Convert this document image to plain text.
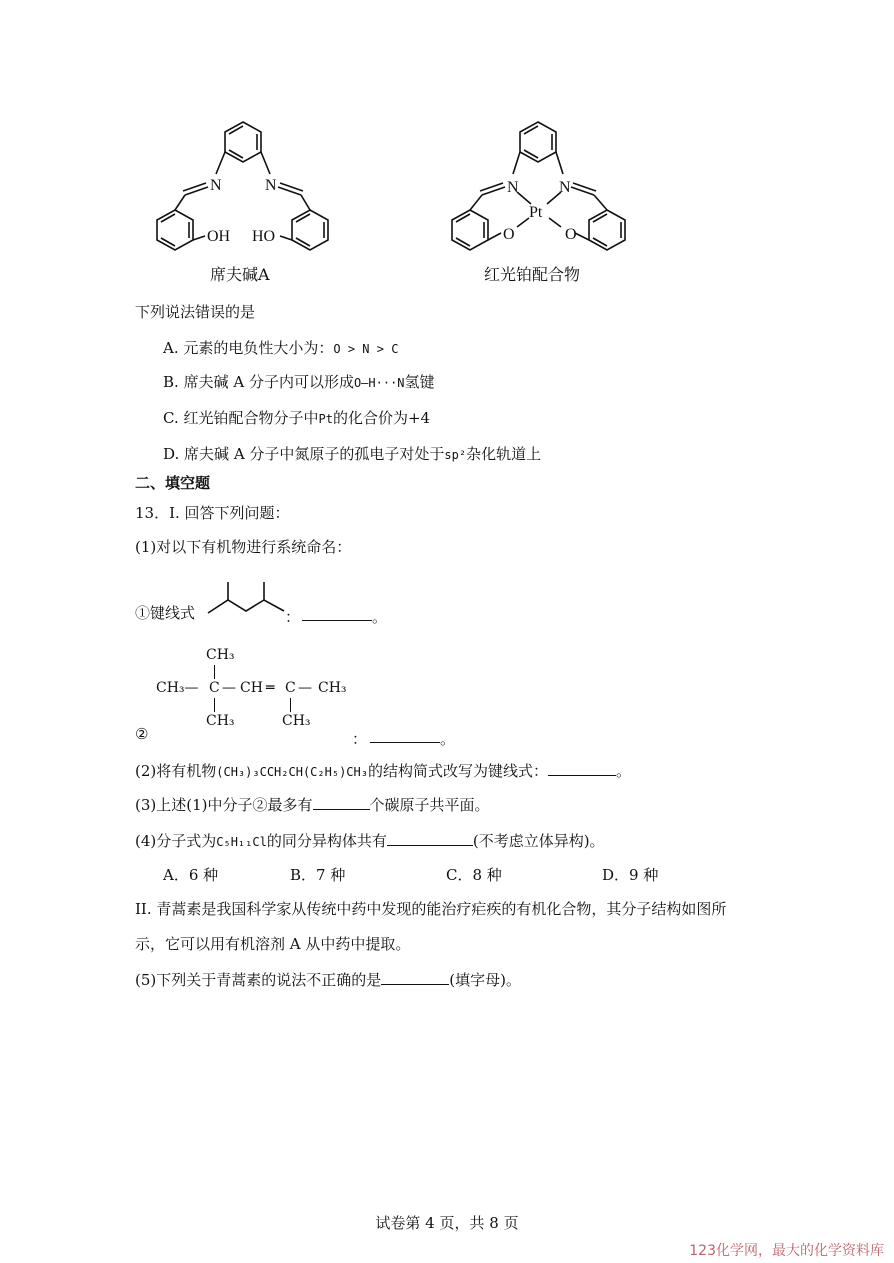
N	N
OH HO
席夫碱A
N	N
Pt
O	O
红光铂配合物
下列说法错误的是
A. 元素的电负性大小为：O > N > C
B. 席夫碱 A 分子内可以形成O—H···N氢键
C. 红光铂配合物分子中Pt的化合价为+4
D. 席夫碱 A 分子中氮原子的孤电子对处于sp²杂化轨道上
二、填空题
13．I. 回答下列问题：
(1)对以下有机物进行系统命名：
①键线式	：	。
CH₃
CH₃— C — CH ═ C — CH₃
CH₃	CH₃
②	：	。
(2)将有机物(CH₃)₃CCH₂CH(C₂H₅)CH₃的结构简式改写为键线式：	。
(3)上述(1)中分子②最多有	个碳原子共平面。
(4)分子式为C₅H₁₁Cl的同分异构体共有	(不考虑立体异构)。
A．6 种	B．7 种	C．8 种	D．9 种
II. 青蒿素是我国科学家从传统中药中发现的能治疗疟疾的有机化合物，其分子结构如图所
示，它可以用有机溶剂 A 从中药中提取。
(5)下列关于青蒿素的说法不正确的是	(填字母)。
试卷第 4 页，共 8 页
123化学网，最大的化学资料库
